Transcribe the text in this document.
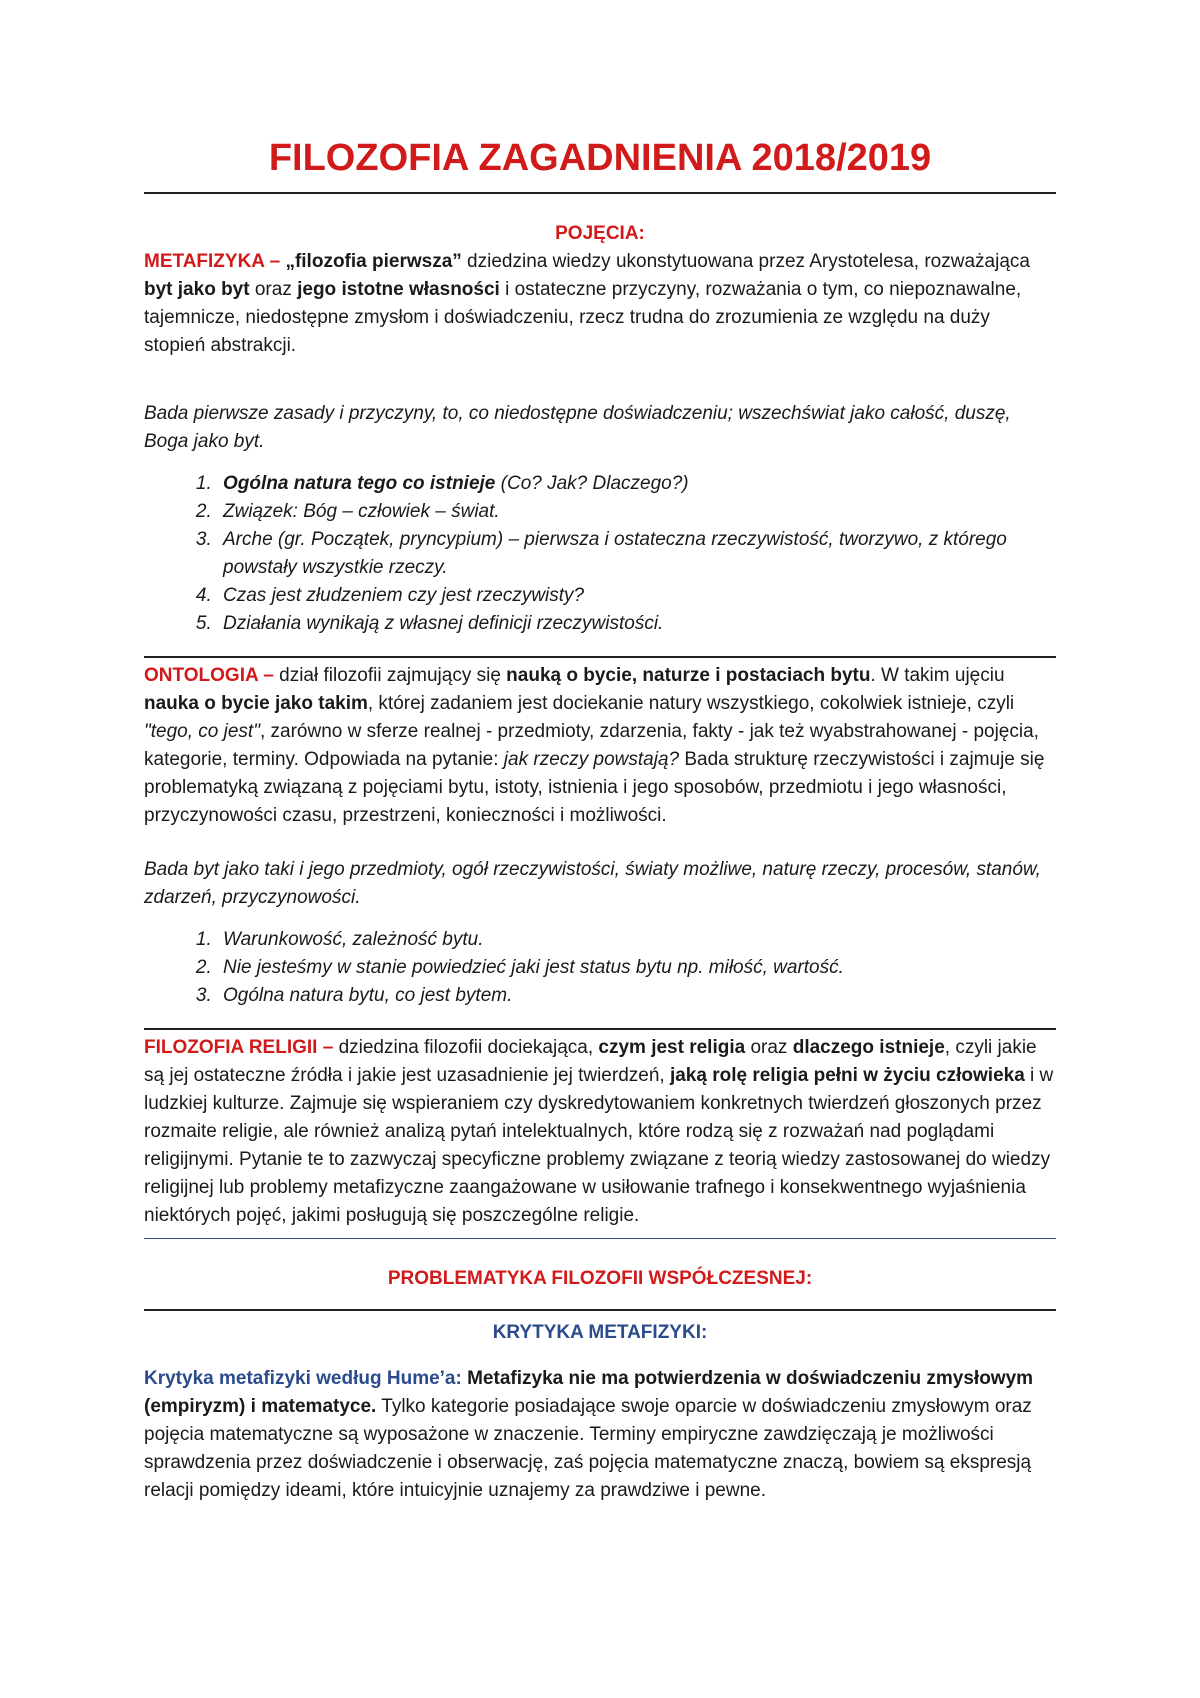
FILOZOFIA ZAGADNIENIA 2018/2019

POJĘCIA:

METAFIZYKA – „filozofia pierwsza” dziedzina wiedzy ukonstytuowana przez Arystotelesa, rozważająca byt jako byt oraz jego istotne własności i ostateczne przyczyny, rozważania o tym, co niepoznawalne, tajemnicze, niedostępne zmysłom i doświadczeniu, rzecz trudna do zrozumienia ze względu na duży stopień abstrakcji.

Bada pierwsze zasady i przyczyny, to, co niedostępne doświadczeniu; wszechświat jako całość, duszę, Boga jako byt.

1. Ogólna natura tego co istnieje (Co? Jak? Dlaczego?)
2. Związek: Bóg – człowiek – świat.
3. Arche (gr. Początek, pryncypium) – pierwsza i ostateczna rzeczywistość, tworzywo, z którego powstały wszystkie rzeczy.
4. Czas jest złudzeniem czy jest rzeczywisty?
5. Działania wynikają z własnej definicji rzeczywistości.

ONTOLOGIA – dział filozofii zajmujący się nauką o bycie, naturze i postaciach bytu. W takim ujęciu nauka o bycie jako takim, której zadaniem jest dociekanie natury wszystkiego, cokolwiek istnieje, czyli "tego, co jest", zarówno w sferze realnej - przedmioty, zdarzenia, fakty - jak też wyabstrahowanej - pojęcia, kategorie, terminy. Odpowiada na pytanie: jak rzeczy powstają? Bada strukturę rzeczywistości i zajmuje się problematyką związaną z pojęciami bytu, istoty, istnienia i jego sposobów, przedmiotu i jego własności, przyczynowości czasu, przestrzeni, konieczności i możliwości.

Bada byt jako taki i jego przedmioty, ogół rzeczywistości, światy możliwe, naturę rzeczy, procesów, stanów, zdarzeń, przyczynowości.

1. Warunkowość, zależność bytu.
2. Nie jesteśmy w stanie powiedzieć jaki jest status bytu np. miłość, wartość.
3. Ogólna natura bytu, co jest bytem.

FILOZOFIA RELIGII – dziedzina filozofii dociekająca, czym jest religia oraz dlaczego istnieje, czyli jakie są jej ostateczne źródła i jakie jest uzasadnienie jej twierdzeń, jaką rolę religia pełni w życiu człowieka i w ludzkiej kulturze. Zajmuje się wspieraniem czy dyskredytowaniem konkretnych twierdzeń głoszonych przez rozmaite religie, ale również analizą pytań intelektualnych, które rodzą się z rozważań nad poglądami religijnymi. Pytanie te to zazwyczaj specyficzne problemy związane z teorią wiedzy zastosowanej do wiedzy religijnej lub problemy metafizyczne zaangażowane w usiłowanie trafnego i konsekwentnego wyjaśnienia niektórych pojęć, jakimi posługują się poszczególne religie.

PROBLEMATYKA FILOZOFII WSPÓŁCZESNEJ:

KRYTYKA METAFIZYKI:

Krytyka metafizyki według Hume’a: Metafizyka nie ma potwierdzenia w doświadczeniu zmysłowym (empiryzm) i matematyce. Tylko kategorie posiadające swoje oparcie w doświadczeniu zmysłowym oraz pojęcia matematyczne są wyposażone w znaczenie. Terminy empiryczne zawdzięczają je możliwości sprawdzenia przez doświadczenie i obserwację, zaś pojęcia matematyczne znaczą, bowiem są ekspresją relacji pomiędzy ideami, które intuicyjnie uznajemy za prawdziwe i pewne.
